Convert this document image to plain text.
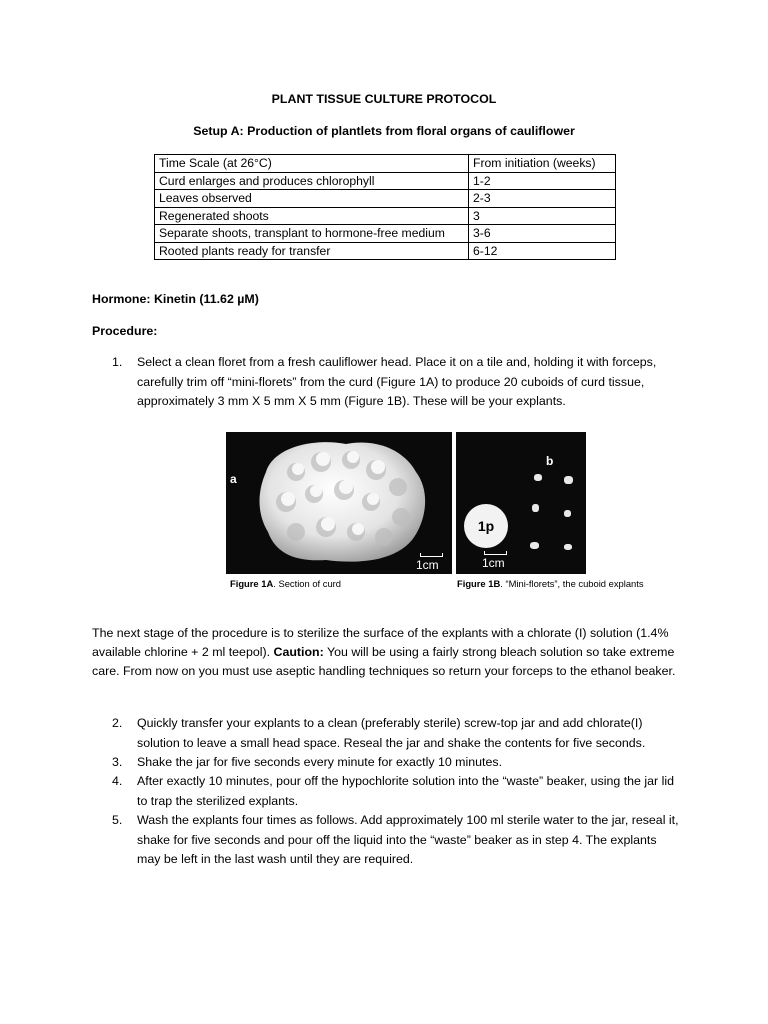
PLANT TISSUE CULTURE PROTOCOL
Setup A: Production of plantlets from floral organs of cauliflower
Time Scale (at 26°C)	From initiation (weeks)
Curd enlarges and produces chlorophyll	1-2
Leaves observed	2-3
Regenerated shoots	3
Separate shoots, transplant to hormone-free medium	3-6
Rooted plants ready for transfer	6-12
Hormone: Kinetin (11.62 µM)
Procedure:
1. Select a clean floret from a fresh cauliflower head. Place it on a tile and, holding it with forceps, carefully trim off “mini-florets” from the curd (Figure 1A) to produce 20 cuboids of curd tissue, approximately 3 mm X 5 mm X 5 mm (Figure 1B). These will be your explants.
a
1cm
b
1p
1cm
Figure 1A. Section of curd	Figure 1B. “Mini-florets”, the cuboid explants
The next stage of the procedure is to sterilize the surface of the explants with a chlorate (I) solution (1.4% available chlorine + 2 ml teepol). Caution: You will be using a fairly strong bleach solution so take extreme care. From now on you must use aseptic handling techniques so return your forceps to the ethanol beaker.
2. Quickly transfer your explants to a clean (preferably sterile) screw-top jar and add chlorate(I) solution to leave a small head space. Reseal the jar and shake the contents for five seconds.
3. Shake the jar for five seconds every minute for exactly 10 minutes.
4. After exactly 10 minutes, pour off the hypochlorite solution into the “waste” beaker, using the jar lid to trap the sterilized explants.
5. Wash the explants four times as follows. Add approximately 100 ml sterile water to the jar, reseal it, shake for five seconds and pour off the liquid into the “waste” beaker as in step 4. The explants may be left in the last wash until they are required.
